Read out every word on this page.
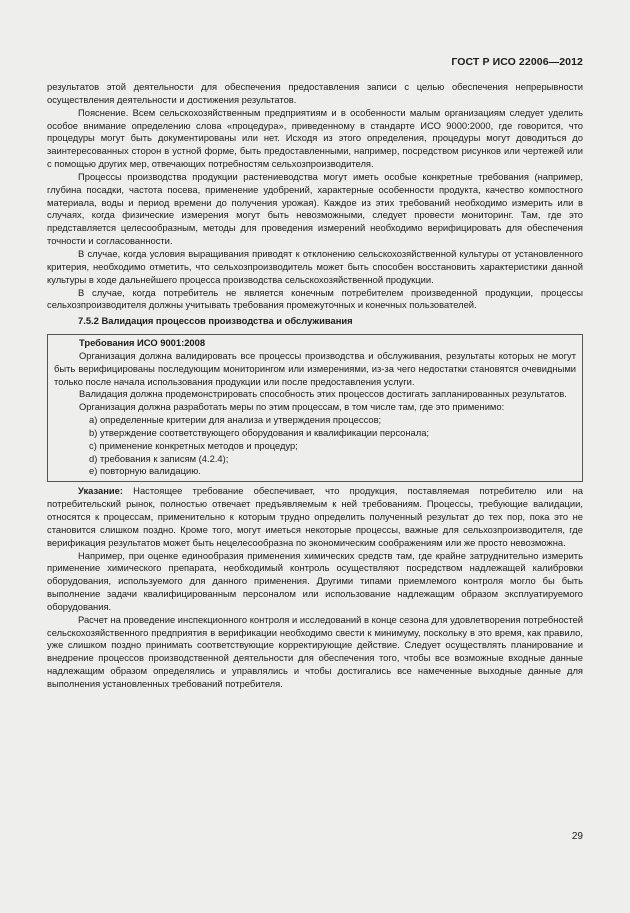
ГОСТ Р ИСО 22006—2012

результатов этой деятельности для обеспечения предоставления записи с целью обеспечения непрерывности осуществления деятельности и достижения результатов.

Пояснение. Всем сельскохозяйственным предприятиям и в особенности малым организациям следует уделить особое внимание определению слова «процедура», приведенному в стандарте ИСО 9000:2000, где говорится, что процедуры могут быть документированы или нет. Исходя из этого определения, процедуры могут доводиться до заинтересованных сторон в устной форме, быть предоставленными, например, посредством рисунков или чертежей или с помощью других мер, отвечающих потребностям сельхозпроизводителя.

Процессы производства продукции растениеводства могут иметь особые конкретные требования (например, глубина посадки, частота посева, применение удобрений, характерные особенности продукта, качество компостного материала, воды и период времени до получения урожая). Каждое из этих требований необходимо измерить или в случаях, когда физические измерения могут быть невозможными, следует провести мониторинг. Там, где это представляется целесообразным, методы для проведения измерений необходимо верифицировать для обеспечения точности и согласованности.

В случае, когда условия выращивания приводят к отклонению сельскохозяйственной культуры от установленного критерия, необходимо отметить, что сельхозпроизводитель может быть способен восстановить характеристики данной культуры в ходе дальнейшего процесса производства сельскохозяйственной продукции.

В случае, когда потребитель не является конечным потребителем произведенной продукции, процессы сельхозпроизводителя должны учитывать требования промежуточных и конечных пользователей.

7.5.2 Валидация процессов производства и обслуживания

Требования ИСО 9001:2008

Организация должна валидировать все процессы производства и обслуживания, результаты которых не могут быть верифицированы последующим мониторингом или измерениями, из-за чего недостатки становятся очевидными только после начала использования продукции или после предоставления услуги.

Валидация должна продемонстрировать способность этих процессов достигать запланированных результатов.

Организация должна разработать меры по этим процессам, в том числе там, где это применимо:

а) определенные критерии для анализа и утверждения процессов;
b) утверждение соответствующего оборудования и квалификации персонала;
c) применение конкретных методов и процедур;
d) требования к записям (4.2.4);
e) повторную валидацию.

Указание: Настоящее требование обеспечивает, что продукция, поставляемая потребителю или на потребительский рынок, полностью отвечает предъявляемым к ней требованиям. Процессы, требующие валидации, относятся к процессам, применительно к которым трудно определить полученный результат до тех пор, пока это не становится слишком поздно. Кроме того, могут иметься некоторые процессы, важные для сельхозпроизводителя, где верификация результатов может быть нецелесообразна по экономическим соображениям или же просто невозможна.

Например, при оценке единообразия применения химических средств там, где крайне затруднительно измерить применение химического препарата, необходимый контроль осуществляют посредством надлежащей калибровки оборудования, используемого для данного применения. Другими типами приемлемого контроля могло бы быть выполнение задачи квалифицированным персоналом или использование надлежащим образом эксплуатируемого оборудования.

Расчет на проведение инспекционного контроля и исследований в конце сезона для удовлетворения потребностей сельскохозяйственного предприятия в верификации необходимо свести к минимуму, поскольку в это время, как правило, уже слишком поздно принимать соответствующие корректирующие действие. Следует осуществлять планирование и внедрение процессов производственной деятельности для обеспечения того, чтобы все возможные входные данные надлежащим образом определялись и управлялись и чтобы достигались все намеченные выходные данные для выполнения установленных требований потребителя.

29
